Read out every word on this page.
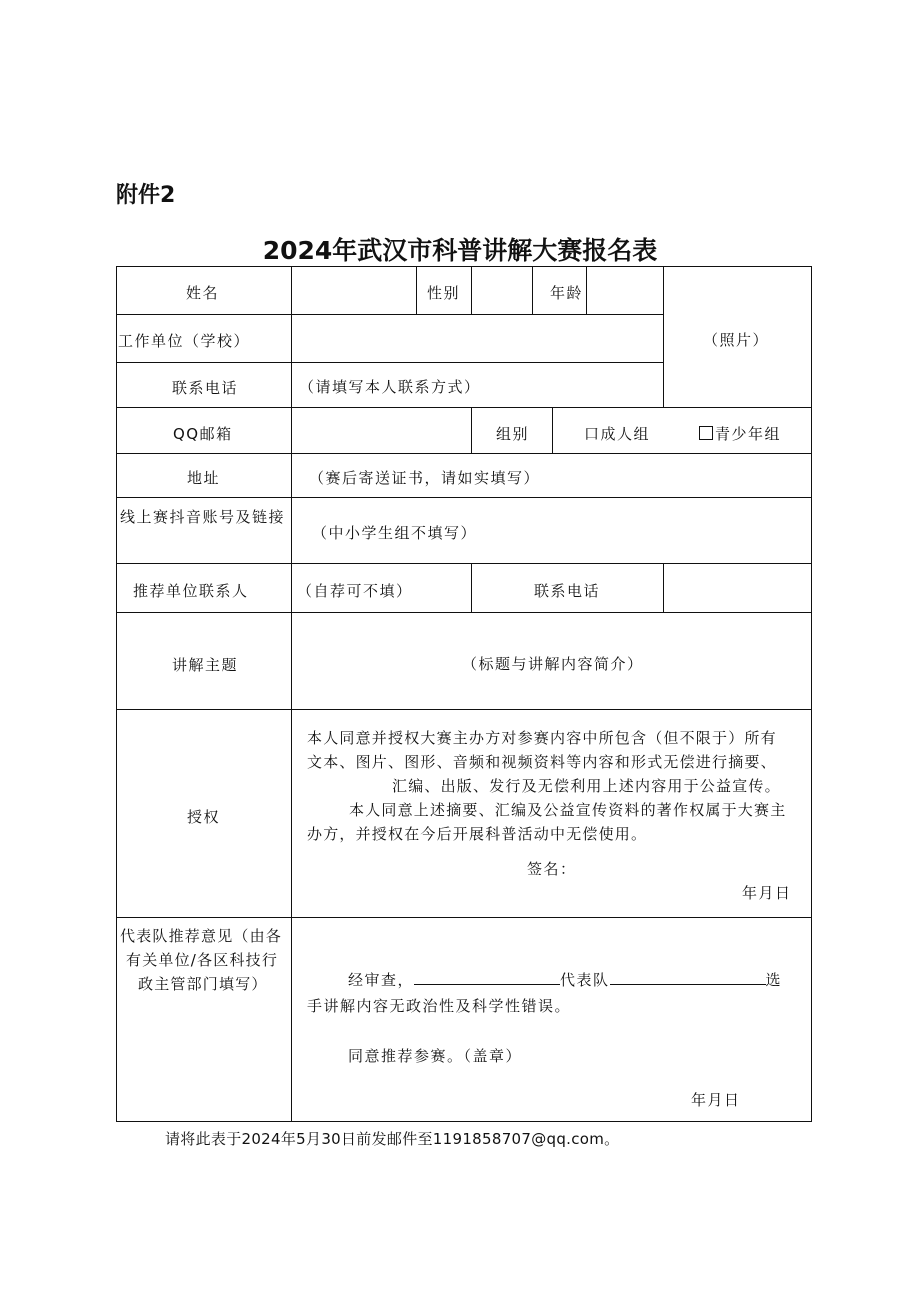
附件2
2024年武汉市科普讲解大赛报名表
姓名	性别	年龄
（照片）
工作单位（学校）
联系电话	（请填写本人联系方式）
QQ邮箱	组别	口成人组	青少年组
地址	（赛后寄送证书，请如实填写）
线上赛抖音账号及链接
（中小学生组不填写）
推荐单位联系人	（自荐可不填）	联系电话
讲解主题	（标题与讲解内容简介）
授权
本人同意并授权大赛主办方对参赛内容中所包含（但不限于）所有
文本、图片、图形、音频和视频资料等内容和形式无偿进行摘要、
汇编、出版、发行及无偿利用上述内容用于公益宣传。
本人同意上述摘要、汇编及公益宣传资料的著作权属于大赛主
办方，并授权在今后开展科普活动中无偿使用。
签名：
年月日
代表队推荐意见（由各
有关单位/各区科技行
政主管部门填写）	经审查，	代表队	选
手讲解内容无政治性及科学性错误。
同意推荐参赛。（盖章）
年月日
请将此表于2024年5月30日前发邮件至1191858707@qq.com。
